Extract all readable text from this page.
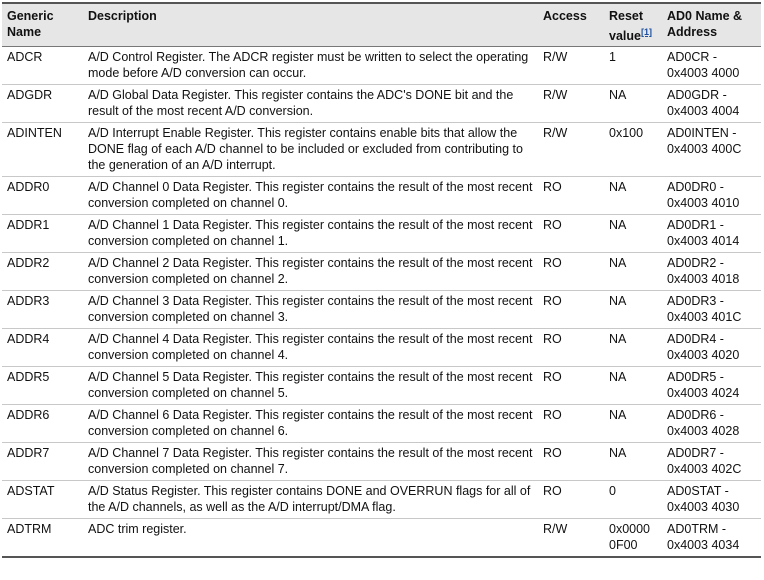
Generic Name	Description	Access	Reset value[1]	AD0 Name & Address
ADCR	A/D Control Register. The ADCR register must be written to select the operating mode before A/D conversion can occur.	R/W	1	AD0CR -
0x4003 4000

ADGDR	A/D Global Data Register. This register contains the ADC's DONE bit and the result of the most recent A/D conversion.	R/W	NA	AD0GDR -
0x4003 4004

ADINTEN	A/D Interrupt Enable Register. This register contains enable bits that allow the DONE flag of each A/D channel to be included or excluded from contributing to the generation of an A/D interrupt.	R/W	0x100	AD0INTEN -
0x4003 400C

ADDR0	A/D Channel 0 Data Register. This register contains the result of the most recent conversion completed on channel 0.	RO	NA	AD0DR0 -
0x4003 4010

ADDR1	A/D Channel 1 Data Register. This register contains the result of the most recent conversion completed on channel 1.	RO	NA	AD0DR1 -
0x4003 4014

ADDR2	A/D Channel 2 Data Register. This register contains the result of the most recent conversion completed on channel 2.	RO	NA	AD0DR2 -
0x4003 4018

ADDR3	A/D Channel 3 Data Register. This register contains the result of the most recent conversion completed on channel 3.	RO	NA	AD0DR3 -
0x4003 401C

ADDR4	A/D Channel 4 Data Register. This register contains the result of the most recent conversion completed on channel 4.	RO	NA	AD0DR4 -
0x4003 4020

ADDR5	A/D Channel 5 Data Register. This register contains the result of the most recent conversion completed on channel 5.	RO	NA	AD0DR5 -
0x4003 4024

ADDR6	A/D Channel 6 Data Register. This register contains the result of the most recent conversion completed on channel 6.	RO	NA	AD0DR6 -
0x4003 4028

ADDR7	A/D Channel 7 Data Register. This register contains the result of the most recent conversion completed on channel 7.	RO	NA	AD0DR7 -
0x4003 402C

ADSTAT	A/D Status Register. This register contains DONE and OVERRUN flags for all of the A/D channels, as well as the A/D interrupt/DMA flag.	RO	0	AD0STAT -
0x4003 4030

ADTRM	ADC trim register.	R/W	0x0000 0F00	AD0TRM -
0x4003 4034
